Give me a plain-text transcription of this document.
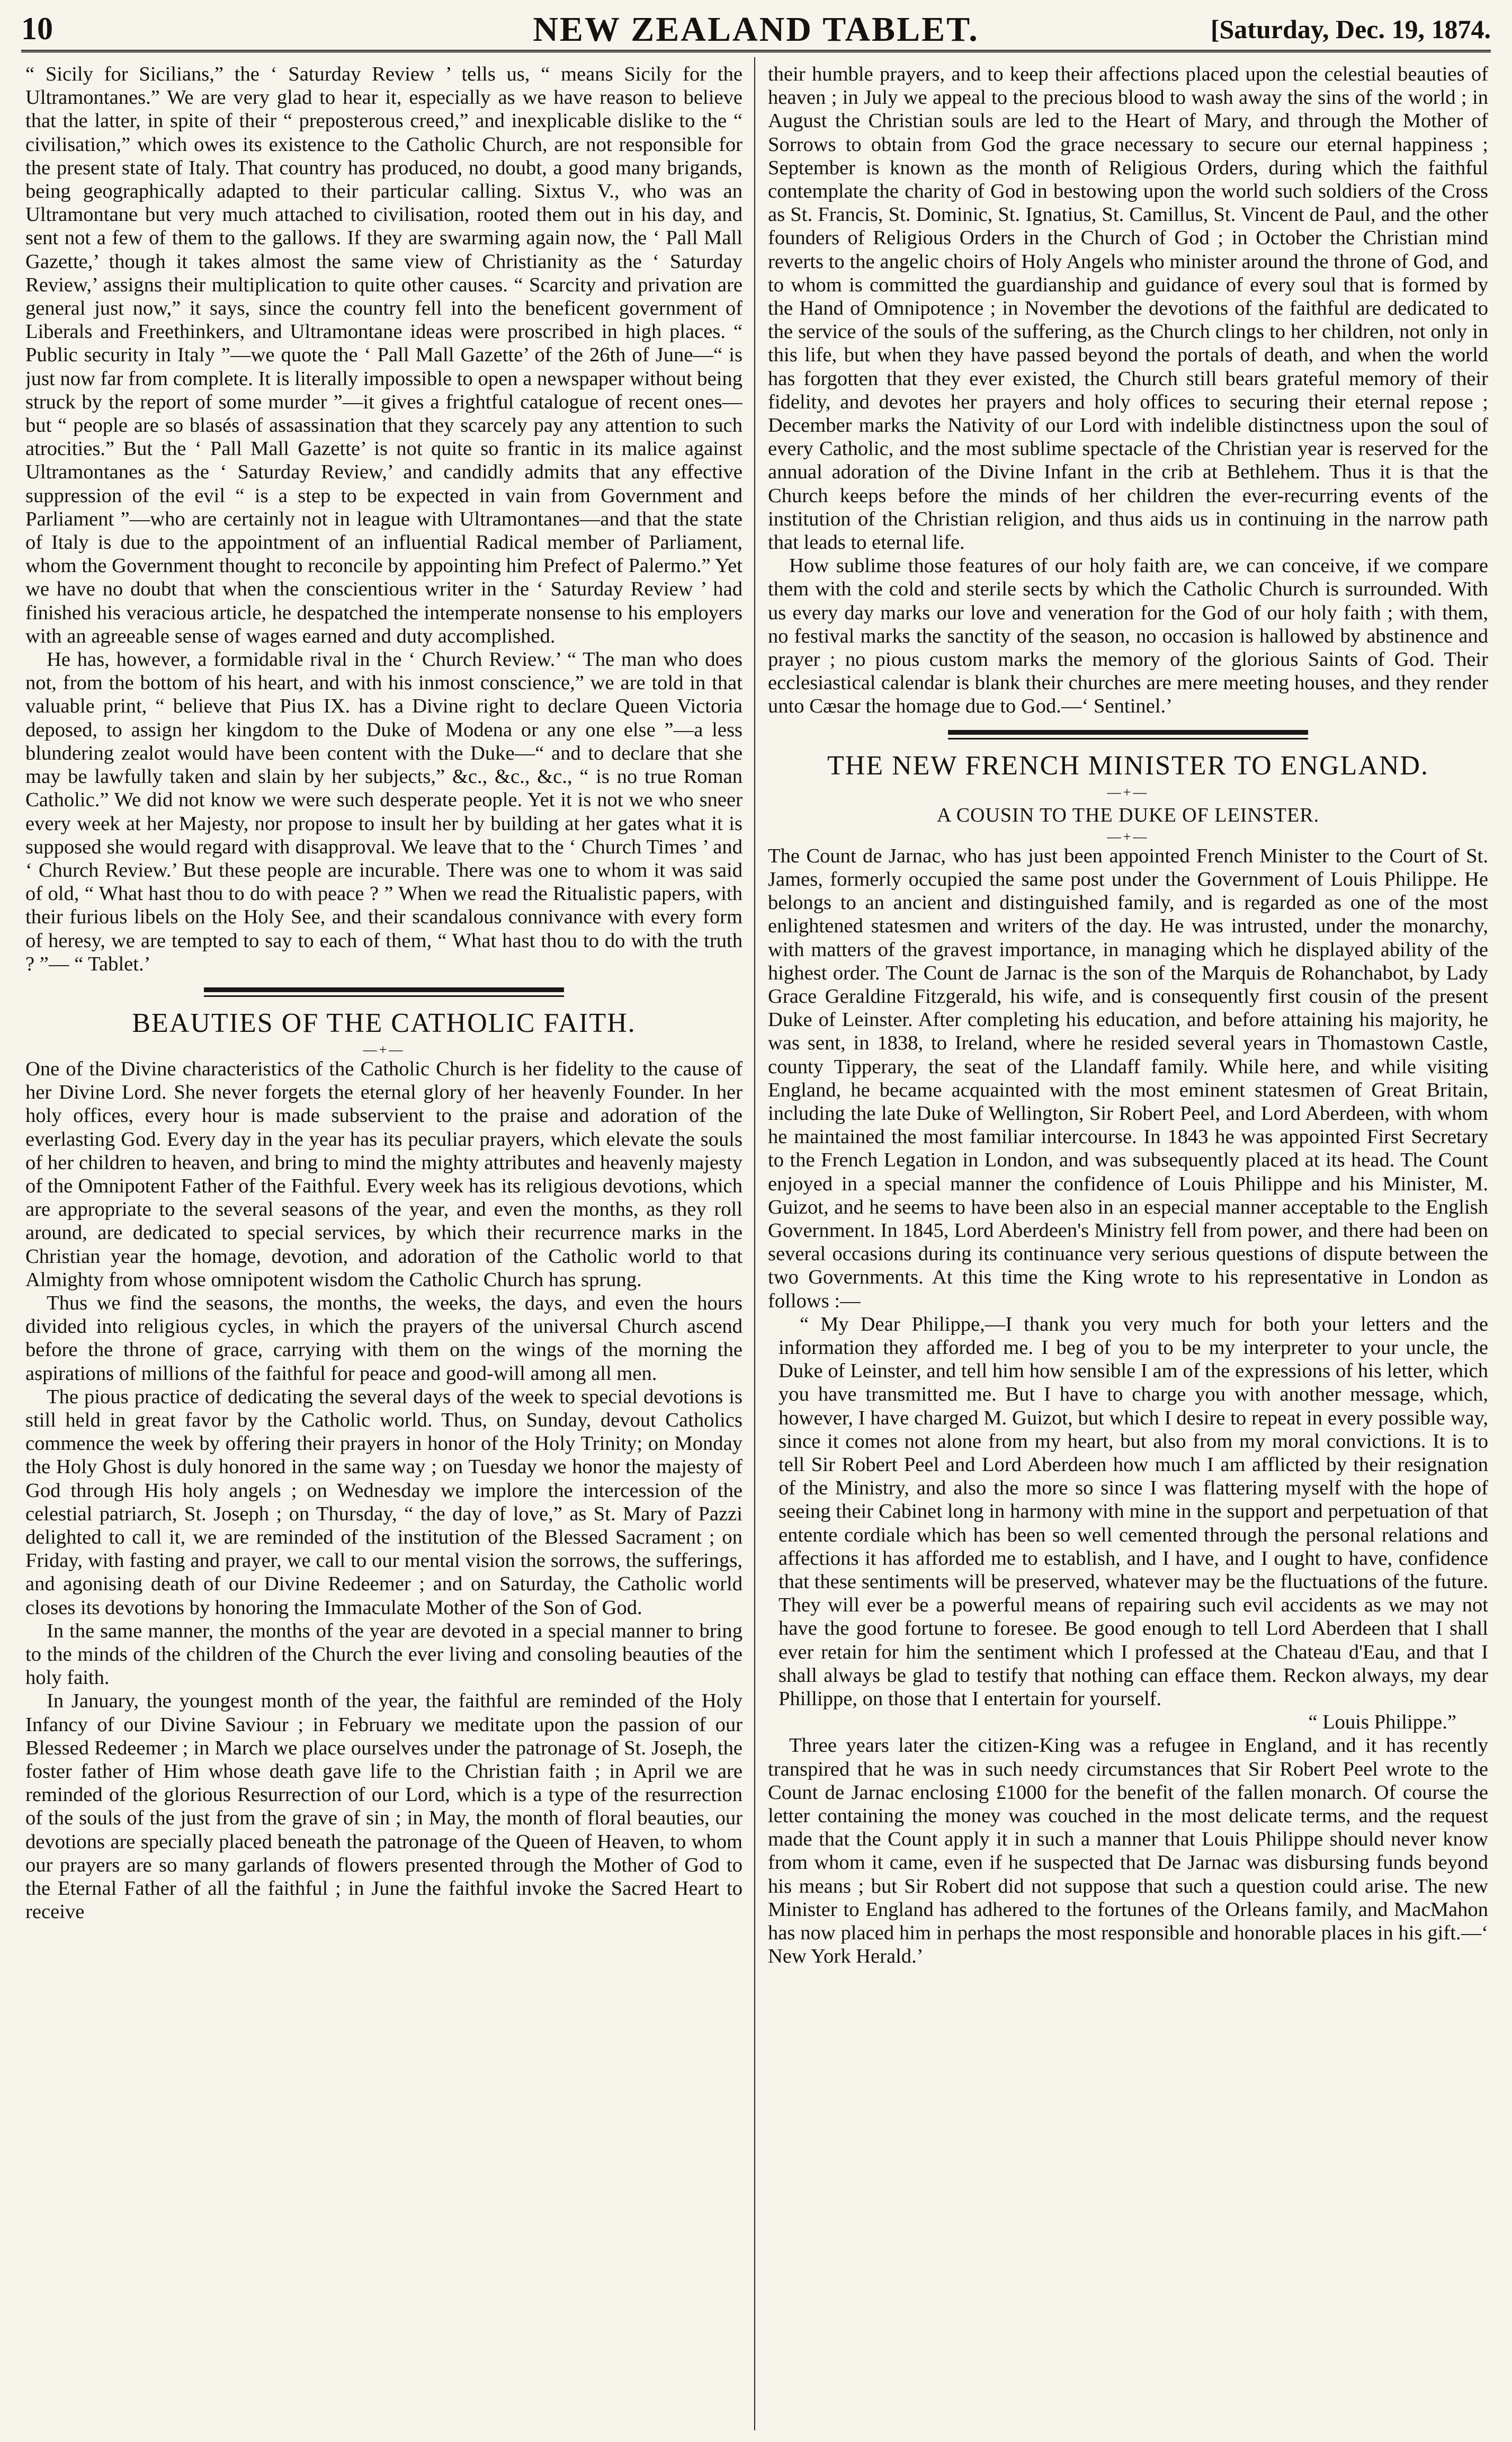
10	NEW ZEALAND TABLET.	[Saturday, Dec. 19, 1874.

“ Sicily for Sicilians,” the ‘ Saturday Review ’ tells us, “ means Sicily for the Ultramontanes.” We are very glad to hear it, especially as we have reason to believe that the latter, in spite of their “ preposterous creed,” and inexplicable dislike to the “ civilisation,” which owes its existence to the Catholic Church, are not responsible for the present state of Italy. That country has produced, no doubt, a good many brigands, being geographically adapted to their particular calling. Sixtus V., who was an Ultramontane but very much attached to civilisation, rooted them out in his day, and sent not a few of them to the gallows. If they are swarming again now, the ‘ Pall Mall Gazette,’ though it takes almost the same view of Christianity as the ‘ Saturday Review,’ assigns their multiplication to quite other causes. “ Scarcity and privation are general just now,” it says, since the country fell into the beneficent government of Liberals and Freethinkers, and Ultramontane ideas were proscribed in high places. “ Public security in Italy ”—we quote the ‘ Pall Mall Gazette’ of the 26th of June—“ is just now far from complete. It is literally impossible to open a newspaper without being struck by the report of some murder ”—it gives a frightful catalogue of recent ones—but “ people are so blasés of assassination that they scarcely pay any attention to such atrocities.” But the ‘ Pall Mall Gazette’ is not quite so frantic in its malice against Ultramontanes as the ‘ Saturday Review,’ and candidly admits that any effective suppression of the evil “ is a step to be expected in vain from Government and Parliament ”—who are certainly not in league with Ultramontanes—and that the state of Italy is due to the appointment of an influential Radical member of Parliament, whom the Government thought to reconcile by appointing him Prefect of Palermo.” Yet we have no doubt that when the conscientious writer in the ‘ Saturday Review ’ had finished his veracious article, he despatched the intemperate nonsense to his employers with an agreeable sense of wages earned and duty accomplished.

He has, however, a formidable rival in the ‘ Church Review.’ “ The man who does not, from the bottom of his heart, and with his inmost conscience,” we are told in that valuable print, “ believe that Pius IX. has a Divine right to declare Queen Victoria deposed, to assign her kingdom to the Duke of Modena or any one else ”—a less blundering zealot would have been content with the Duke—“ and to declare that she may be lawfully taken and slain by her subjects,” &c., &c., &c., “ is no true Roman Catholic.” We did not know we were such desperate people. Yet it is not we who sneer every week at her Majesty, nor propose to insult her by building at her gates what it is supposed she would regard with disapproval. We leave that to the ‘ Church Times ’ and ‘ Church Review.’ But these people are incurable. There was one to whom it was said of old, “ What hast thou to do with peace ? ” When we read the Ritualistic papers, with their furious libels on the Holy See, and their scandalous connivance with every form of heresy, we are tempted to say to each of them, “ What hast thou to do with the truth ? ”— “ Tablet.’

BEAUTIES OF THE CATHOLIC FAITH.
—+—

One of the Divine characteristics of the Catholic Church is her fidelity to the cause of her Divine Lord. She never forgets the eternal glory of her heavenly Founder. In her holy offices, every hour is made subservient to the praise and adoration of the everlasting God. Every day in the year has its peculiar prayers, which elevate the souls of her children to heaven, and bring to mind the mighty attributes and heavenly majesty of the Omnipotent Father of the Faithful. Every week has its religious devotions, which are appropriate to the several seasons of the year, and even the months, as they roll around, are dedicated to special services, by which their recurrence marks in the Christian year the homage, devotion, and adoration of the Catholic world to that Almighty from whose omnipotent wisdom the Catholic Church has sprung.

Thus we find the seasons, the months, the weeks, the days, and even the hours divided into religious cycles, in which the prayers of the universal Church ascend before the throne of grace, carrying with them on the wings of the morning the aspirations of millions of the faithful for peace and good-will among all men.

The pious practice of dedicating the several days of the week to special devotions is still held in great favor by the Catholic world. Thus, on Sunday, devout Catholics commence the week by offering their prayers in honor of the Holy Trinity; on Monday the Holy Ghost is duly honored in the same way ; on Tuesday we honor the majesty of God through His holy angels ; on Wednesday we implore the intercession of the celestial patriarch, St. Joseph ; on Thursday, “ the day of love,” as St. Mary of Pazzi delighted to call it, we are reminded of the institution of the Blessed Sacrament ; on Friday, with fasting and prayer, we call to our mental vision the sorrows, the sufferings, and agonising death of our Divine Redeemer ; and on Saturday, the Catholic world closes its devotions by honoring the Immaculate Mother of the Son of God.

In the same manner, the months of the year are devoted in a special manner to bring to the minds of the children of the Church the ever living and consoling beauties of the holy faith.

In January, the youngest month of the year, the faithful are reminded of the Holy Infancy of our Divine Saviour ; in February we meditate upon the passion of our Blessed Redeemer ; in March we place ourselves under the patronage of St. Joseph, the foster father of Him whose death gave life to the Christian faith ; in April we are reminded of the glorious Resurrection of our Lord, which is a type of the resurrection of the souls of the just from the grave of sin ; in May, the month of floral beauties, our devotions are specially placed beneath the patronage of the Queen of Heaven, to whom our prayers are so many garlands of flowers presented through the Mother of God to the Eternal Father of all the faithful ; in June the faithful invoke the Sacred Heart to receive

their humble prayers, and to keep their affections placed upon the celestial beauties of heaven ; in July we appeal to the precious blood to wash away the sins of the world ; in August the Christian souls are led to the Heart of Mary, and through the Mother of Sorrows to obtain from God the grace necessary to secure our eternal happiness ; September is known as the month of Religious Orders, during which the faithful contemplate the charity of God in bestowing upon the world such soldiers of the Cross as St. Francis, St. Dominic, St. Ignatius, St. Camillus, St. Vincent de Paul, and the other founders of Religious Orders in the Church of God ; in October the Christian mind reverts to the angelic choirs of Holy Angels who minister around the throne of God, and to whom is committed the guardianship and guidance of every soul that is formed by the Hand of Omnipotence ; in November the devotions of the faithful are dedicated to the service of the souls of the suffering, as the Church clings to her children, not only in this life, but when they have passed beyond the portals of death, and when the world has forgotten that they ever existed, the Church still bears grateful memory of their fidelity, and devotes her prayers and holy offices to securing their eternal repose ; December marks the Nativity of our Lord with indelible distinctness upon the soul of every Catholic, and the most sublime spectacle of the Christian year is reserved for the annual adoration of the Divine Infant in the crib at Bethlehem. Thus it is that the Church keeps before the minds of her children the ever-recurring events of the institution of the Christian religion, and thus aids us in continuing in the narrow path that leads to eternal life.

How sublime those features of our holy faith are, we can conceive, if we compare them with the cold and sterile sects by which the Catholic Church is surrounded. With us every day marks our love and veneration for the God of our holy faith ; with them, no festival marks the sanctity of the season, no occasion is hallowed by abstinence and prayer ; no pious custom marks the memory of the glorious Saints of God. Their ecclesiastical calendar is blank their churches are mere meeting houses, and they render unto Cæsar the homage due to God.—‘ Sentinel.’

THE NEW FRENCH MINISTER TO ENGLAND.
—+—
A COUSIN TO THE DUKE OF LEINSTER.
—+—

The Count de Jarnac, who has just been appointed French Minister to the Court of St. James, formerly occupied the same post under the Government of Louis Philippe. He belongs to an ancient and distinguished family, and is regarded as one of the most enlightened statesmen and writers of the day. He was intrusted, under the monarchy, with matters of the gravest importance, in managing which he displayed ability of the highest order. The Count de Jarnac is the son of the Marquis de Rohanchabot, by Lady Grace Geraldine Fitzgerald, his wife, and is consequently first cousin of the present Duke of Leinster. After completing his education, and before attaining his majority, he was sent, in 1838, to Ireland, where he resided several years in Thomastown Castle, county Tipperary, the seat of the Llandaff family. While here, and while visiting England, he became acquainted with the most eminent statesmen of Great Britain, including the late Duke of Wellington, Sir Robert Peel, and Lord Aberdeen, with whom he maintained the most familiar intercourse. In 1843 he was appointed First Secretary to the French Legation in London, and was subsequently placed at its head. The Count enjoyed in a special manner the confidence of Louis Philippe and his Minister, M. Guizot, and he seems to have been also in an especial manner acceptable to the English Government. In 1845, Lord Aberdeen's Ministry fell from power, and there had been on several occasions during its continuance very serious questions of dispute between the two Governments. At this time the King wrote to his representative in London as follows :—

“ My Dear Philippe,—I thank you very much for both your letters and the information they afforded me. I beg of you to be my interpreter to your uncle, the Duke of Leinster, and tell him how sensible I am of the expressions of his letter, which you have transmitted me. But I have to charge you with another message, which, however, I have charged M. Guizot, but which I desire to repeat in every possible way, since it comes not alone from my heart, but also from my moral convictions. It is to tell Sir Robert Peel and Lord Aberdeen how much I am afflicted by their resignation of the Ministry, and also the more so since I was flattering myself with the hope of seeing their Cabinet long in harmony with mine in the support and perpetuation of that entente cordiale which has been so well cemented through the personal relations and affections it has afforded me to establish, and I have, and I ought to have, confidence that these sentiments will be preserved, whatever may be the fluctuations of the future. They will ever be a powerful means of repairing such evil accidents as we may not have the good fortune to foresee. Be good enough to tell Lord Aberdeen that I shall ever retain for him the sentiment which I professed at the Chateau d'Eau, and that I shall always be glad to testify that nothing can efface them. Reckon always, my dear Phillippe, on those that I entertain for yourself.

“ Louis Philippe.”

Three years later the citizen-King was a refugee in England, and it has recently transpired that he was in such needy circumstances that Sir Robert Peel wrote to the Count de Jarnac enclosing £1000 for the benefit of the fallen monarch. Of course the letter containing the money was couched in the most delicate terms, and the request made that the Count apply it in such a manner that Louis Philippe should never know from whom it came, even if he suspected that De Jarnac was disbursing funds beyond his means ; but Sir Robert did not suppose that such a question could arise. The new Minister to England has adhered to the fortunes of the Orleans family, and MacMahon has now placed him in perhaps the most responsible and honorable places in his gift.—‘ New York Herald.’
